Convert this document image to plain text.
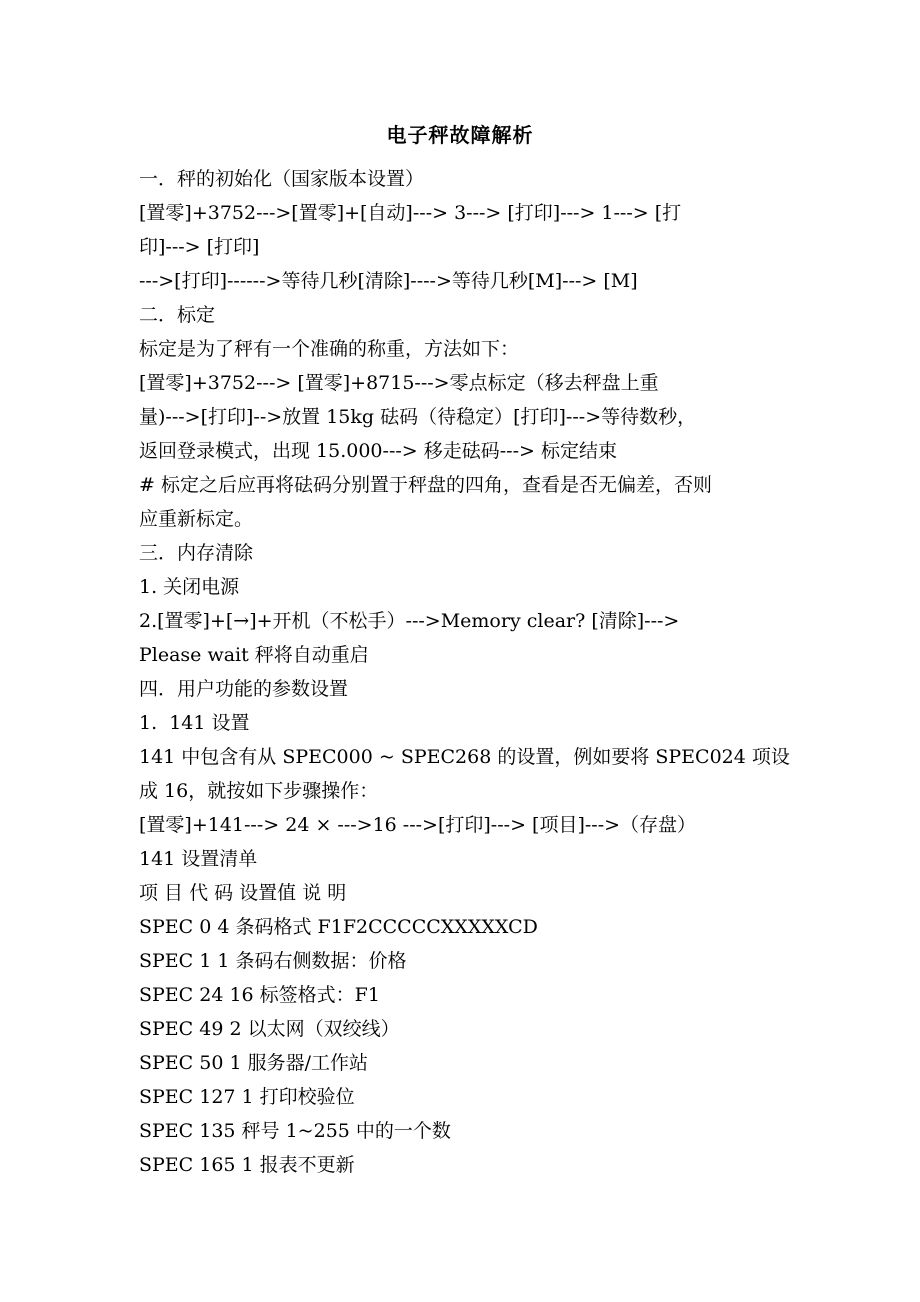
电子秤故障解析
一．秤的初始化（国家版本设置）
[置零]+3752--->[置零]+[自动]---> 3---> [打印]---> 1---> [打
印]---> [打印]
--->[打印]------>等待几秒[清除]---->等待几秒[M]---> [M]
二．标定
标定是为了秤有一个准确的称重，方法如下：
[置零]+3752---> [置零]+8715--->零点标定（移去秤盘上重
量)--->[打印]-->放置 15kg 砝码（待稳定）[打印]--->等待数秒，
返回登录模式，出现 15.000---> 移走砝码---> 标定结束
# 标定之后应再将砝码分别置于秤盘的四角，查看是否无偏差，否则
应重新标定。
三．内存清除
1. 关闭电源
2.[置零]+[→]+开机（不松手）--->Memory clear? [清除]--->
Please wait 秤将自动重启
四．用户功能的参数设置
1.  141 设置
141 中包含有从 SPEC000 ~ SPEC268 的设置，例如要将 SPEC024 项设
成 16，就按如下步骤操作：
[置零]+141---> 24 × --->16 --->[打印]---> [项目]--->（存盘）
141 设置清单
项 目 代 码 设置值 说 明
SPEC 0 4 条码格式 F1F2CCCCCXXXXXCD
SPEC 1 1 条码右侧数据：价格
SPEC 24 16 标签格式：F1
SPEC 49 2 以太网（双绞线）
SPEC 50 1 服务器/工作站
SPEC 127 1 打印校验位
SPEC 135 秤号 1~255 中的一个数
SPEC 165 1 报表不更新
